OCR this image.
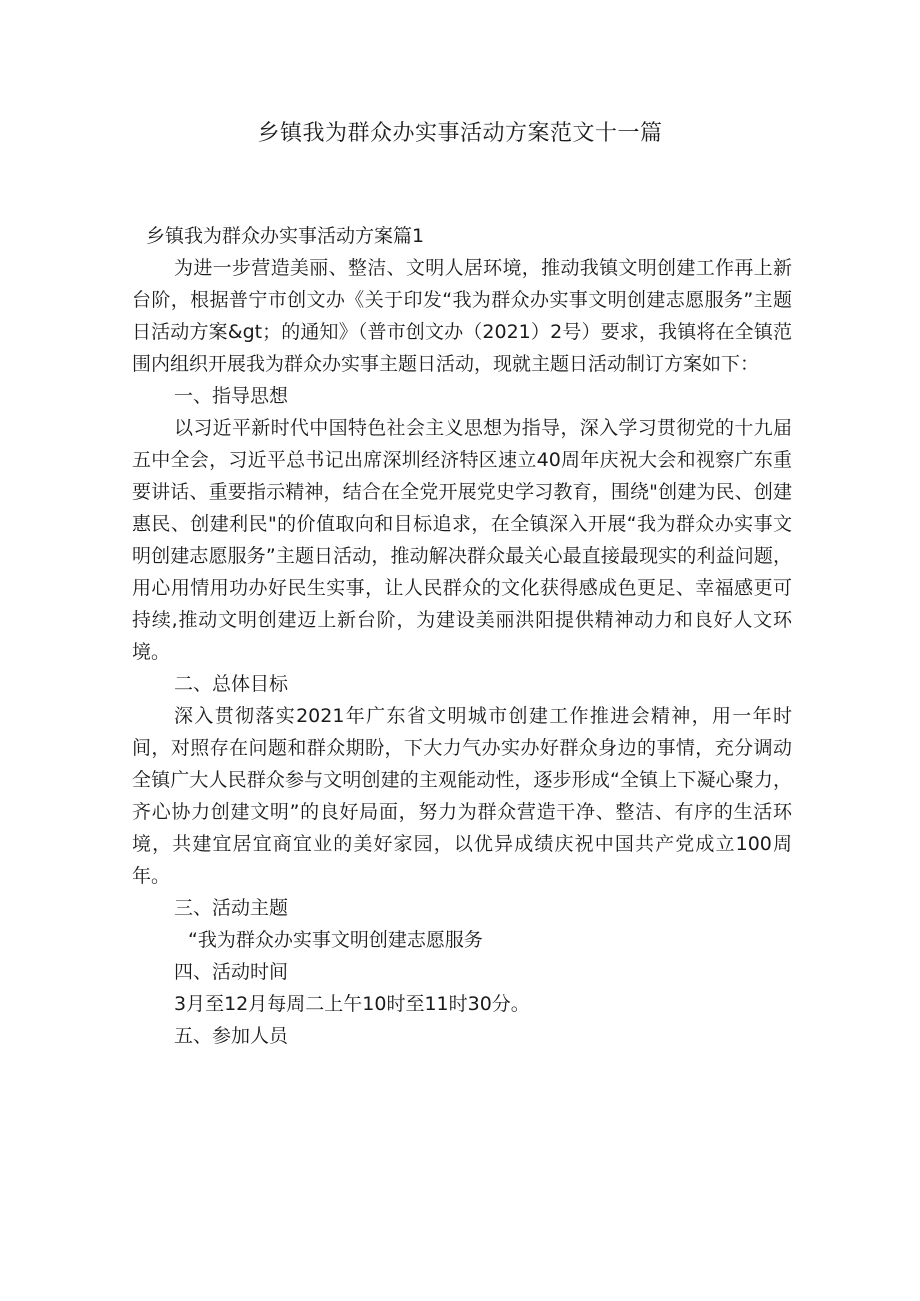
乡镇我为群众办实事活动方案范文十一篇

乡镇我为群众办实事活动方案篇1

为进一步营造美丽、整洁、文明人居环境，推动我镇文明创建工作再上新台阶，根据普宁市创文办《关于印发“我为群众办实事文明创建志愿服务”主题日活动方案&gt；的通知》（普市创文办（2021）2号）要求，我镇将在全镇范围内组织开展我为群众办实事主题日活动，现就主题日活动制订方案如下：

一、指导思想

以习近平新时代中国特色社会主义思想为指导，深入学习贯彻党的十九届五中全会，习近平总书记出席深圳经济特区速立40周年庆祝大会和视察广东重要讲话、重要指示精神，结合在全党开展党史学习教育，围绕"创建为民、创建惠民、创建利民"的价值取向和目标追求，在全镇深入开展“我为群众办实事文明创建志愿服务”主题日活动，推动解决群众最关心最直接最现实的利益问题，用心用情用功办好民生实事，让人民群众的文化获得感成色更足、幸福感更可持续,推动文明创建迈上新台阶，为建设美丽洪阳提供精神动力和良好人文环境。

二、总体目标

深入贯彻落实2021年广东省文明城市创建工作推进会精神，用一年时间，对照存在问题和群众期盼，下大力气办实办好群众身边的事情，充分调动全镇广大人民群众参与文明创建的主观能动性，逐步形成“全镇上下凝心聚力，齐心协力创建文明”的良好局面，努力为群众营造干净、整洁、有序的生活环境，共建宜居宜商宜业的美好家园，以优异成绩庆祝中国共产党成立100周年。

三、活动主题

“我为群众办实事文明创建志愿服务

四、活动时间

3月至12月每周二上午10时至11时30分。

五、参加人员
